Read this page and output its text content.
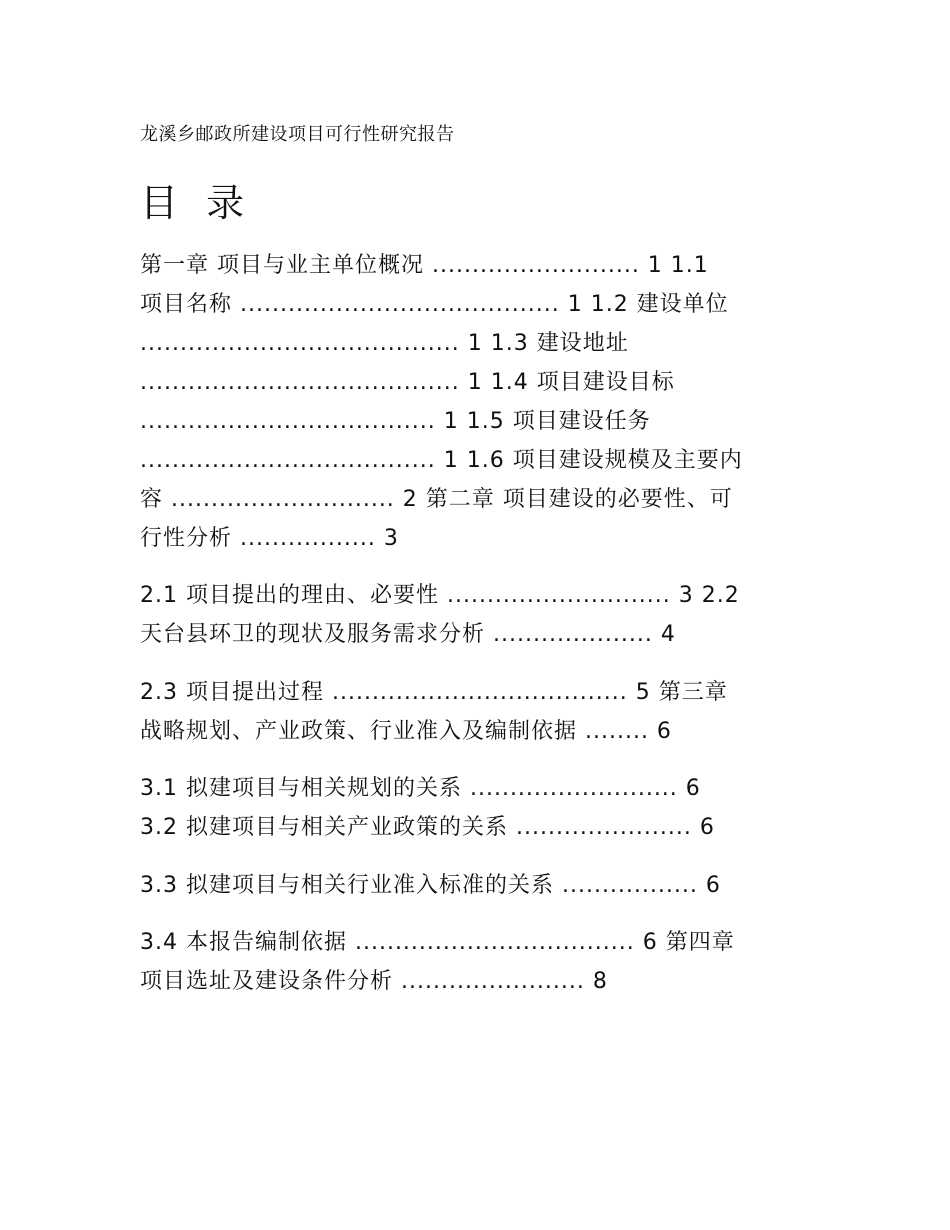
龙溪乡邮政所建设项目可行性研究报告
目 录
第一章 项目与业主单位概况 .......................... 1 1.1
项目名称 ........................................ 1 1.2 建设单位
........................................ 1 1.3 建设地址
........................................ 1 1.4 项目建设目标
..................................... 1 1.5 项目建设任务
..................................... 1 1.6 项目建设规模及主要内
容 ............................ 2 第二章 项目建设的必要性、可
行性分析 ................. 3
2.1 项目提出的理由、必要性 ............................ 3 2.2
天台县环卫的现状及服务需求分析 .................... 4
2.3 项目提出过程 ..................................... 5 第三章
战略规划、产业政策、行业准入及编制依据 ........ 6
3.1 拟建项目与相关规划的关系 .......................... 6
3.2 拟建项目与相关产业政策的关系 ...................... 6
3.3 拟建项目与相关行业准入标准的关系 ................. 6
3.4 本报告编制依据 ................................... 6 第四章
项目选址及建设条件分析 ....................... 8
